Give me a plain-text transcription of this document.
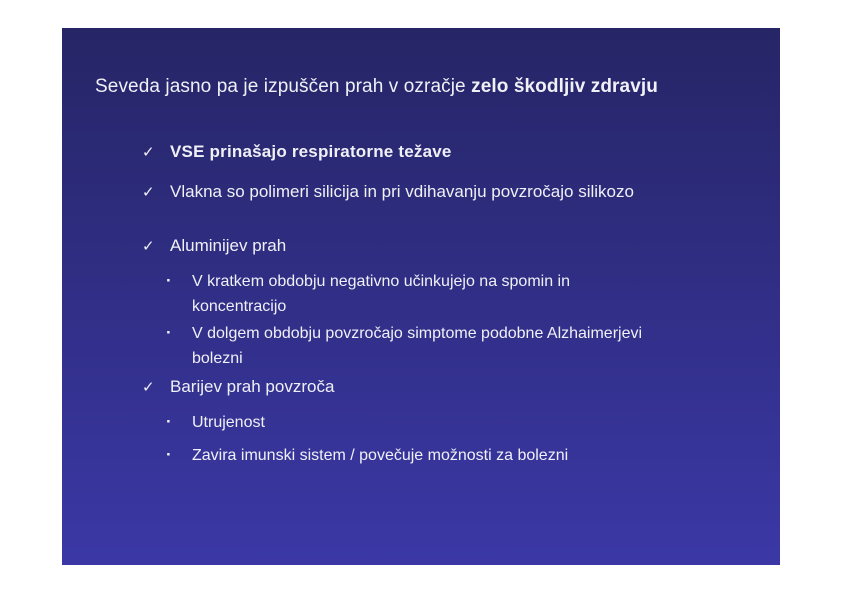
Seveda jasno pa je izpuščen prah v ozračje zelo škodljiv zdravju
✓ VSE prinašajo respiratorne težave
✓ Vlakna so polimeri silicija in pri vdihavanju povzročajo silikozo
✓ Aluminijev prah
·	V kratkem obdobju negativno učinkujejo na spomin in koncentracijo
·	V dolgem obdobju povzročajo simptome podobne Alzhaimerjevi bolezni
✓ Barijev prah povzroča
·	Utrujenost
·	Zavira imunski sistem / povečuje možnosti za bolezni
